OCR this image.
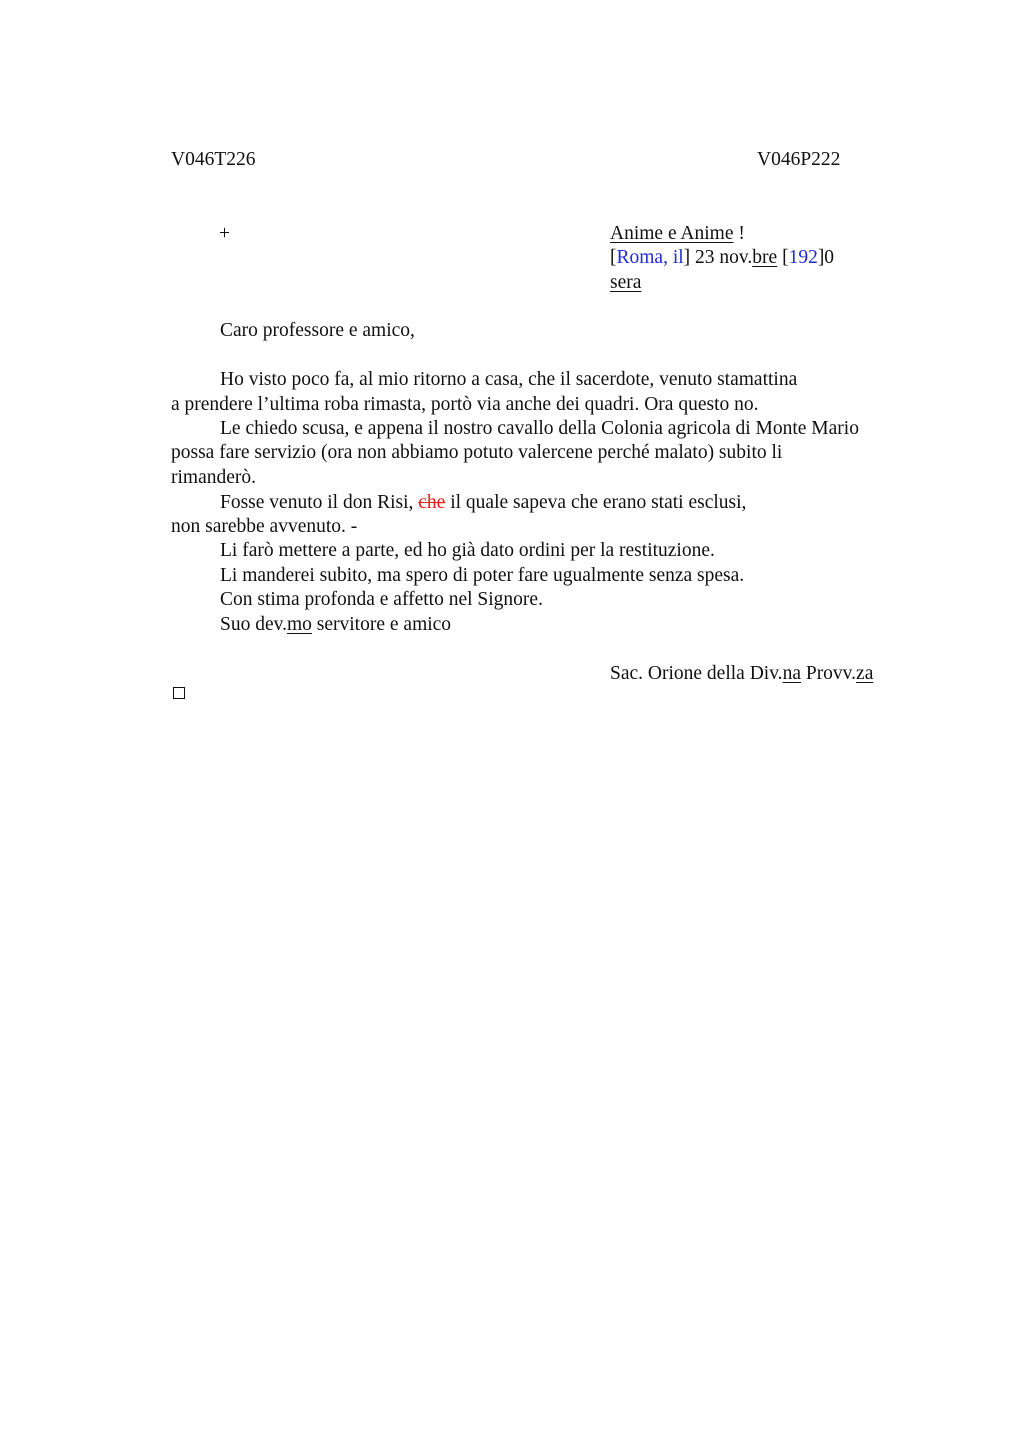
V046T226	V046P222
+	Anime e Anime !
[Roma, il] 23 nov.bre [192]0
sera
Caro professore e amico,
Ho visto poco fa, al mio ritorno a casa, che il sacerdote, venuto stamattina
a prendere l’ultima roba rimasta, portò via anche dei quadri. Ora questo no.
Le chiedo scusa, e appena il nostro cavallo della Colonia agricola di Monte Mario
possa fare servizio (ora non abbiamo potuto valercene perché malato) subito li
rimanderò.
Fosse venuto il don Risi, che il quale sapeva che erano stati esclusi,
non sarebbe avvenuto. -
Li farò mettere a parte, ed ho già dato ordini per la restituzione.
Li manderei subito, ma spero di poter fare ugualmente senza spesa.
Con stima profonda e affetto nel Signore.
Suo dev.mo servitore e amico
Sac. Orione della Div.na Provv.za
